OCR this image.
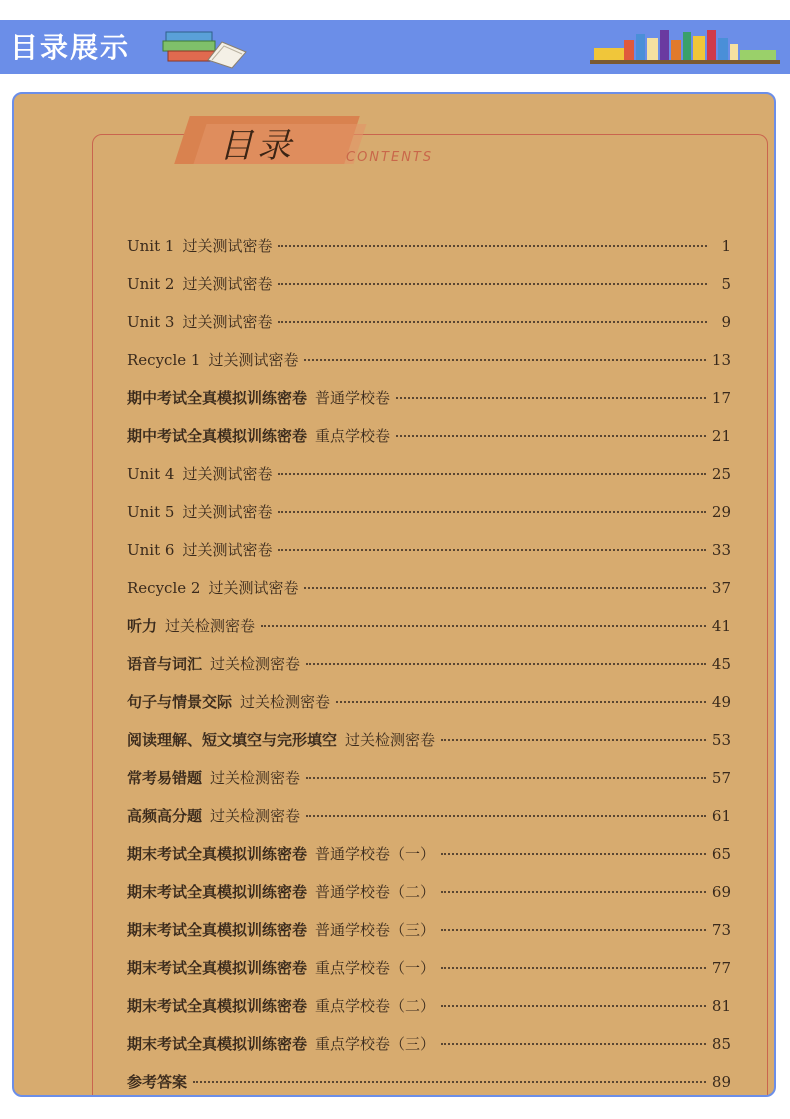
目录展示
目录	CONTENTS
Unit 1 过关测试密卷	1
Unit 2 过关测试密卷	5
Unit 3 过关测试密卷	9
Recycle 1 过关测试密卷	13
期中考试全真模拟训练密卷 普通学校卷	17
期中考试全真模拟训练密卷 重点学校卷	21
Unit 4 过关测试密卷	25
Unit 5 过关测试密卷	29
Unit 6 过关测试密卷	33
Recycle 2 过关测试密卷	37
听力 过关检测密卷	41
语音与词汇 过关检测密卷	45
句子与情景交际 过关检测密卷	49
阅读理解、短文填空与完形填空 过关检测密卷	53
常考易错题 过关检测密卷	57
高频高分题 过关检测密卷	61
期末考试全真模拟训练密卷 普通学校卷（一）	65
期末考试全真模拟训练密卷 普通学校卷（二）	69
期末考试全真模拟训练密卷 普通学校卷（三）	73
期末考试全真模拟训练密卷 重点学校卷（一）	77
期末考试全真模拟训练密卷 重点学校卷（二）	81
期末考试全真模拟训练密卷 重点学校卷（三）	85
参考答案	89
